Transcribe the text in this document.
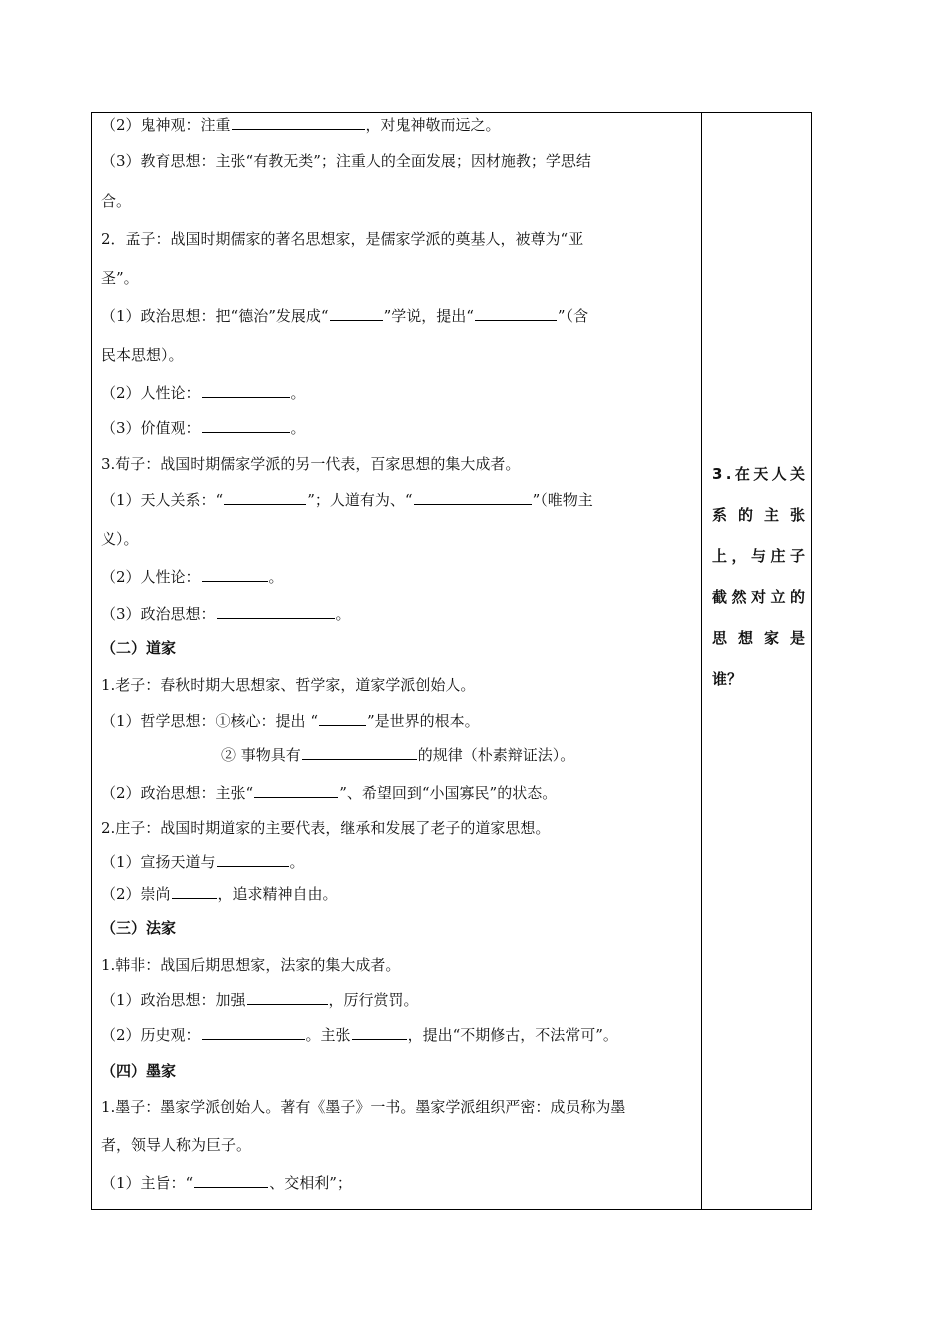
（2）鬼神观：注重	，对鬼神敬而远之。
（3）教育思想：主张“有教无类”；注重人的全面发展；因材施教；学思结
合。
2．孟子：战国时期儒家的著名思想家，是儒家学派的奠基人，被尊为“亚
圣”。
（1）政治思想：把“德治”发展成“	”学说，提出“	”（含
民本思想）。
（2）人性论：	。
（3）价值观：	。
3.荀子：战国时期儒家学派的另一代表，百家思想的集大成者。
（1）天人关系：“	”；人道有为、“	”（唯物主
义）。
（2）人性论：	。
（3）政治思想：	。
（二）道家
1.老子：春秋时期大思想家、哲学家，道家学派创始人。
（1）哲学思想：①核心：提出 “	”是世界的根本。
② 事物具有	的规律（朴素辩证法）。
（2）政治思想：主张“	”、希望回到“小国寡民”的状态。
2.庄子：战国时期道家的主要代表，继承和发展了老子的道家思想。
（1）宣扬天道与	。
（2）崇尚	，追求精神自由。
（三）法家
1.韩非：战国后期思想家，法家的集大成者。
（1）政治思想：加强	，厉行赏罚。
（2）历史观：	。主张	，提出“不期修古，不法常可”。
（四）墨家
1.墨子：墨家学派创始人。著有《墨子》一书。墨家学派组织严密：成员称为墨
者，领导人称为巨子。
（1）主旨：“	、交相利”；
3 . 在 天 人 关
系 的 主 张
上 ， 与 庄 子
截 然 对 立 的
思 想 家 是
谁？
